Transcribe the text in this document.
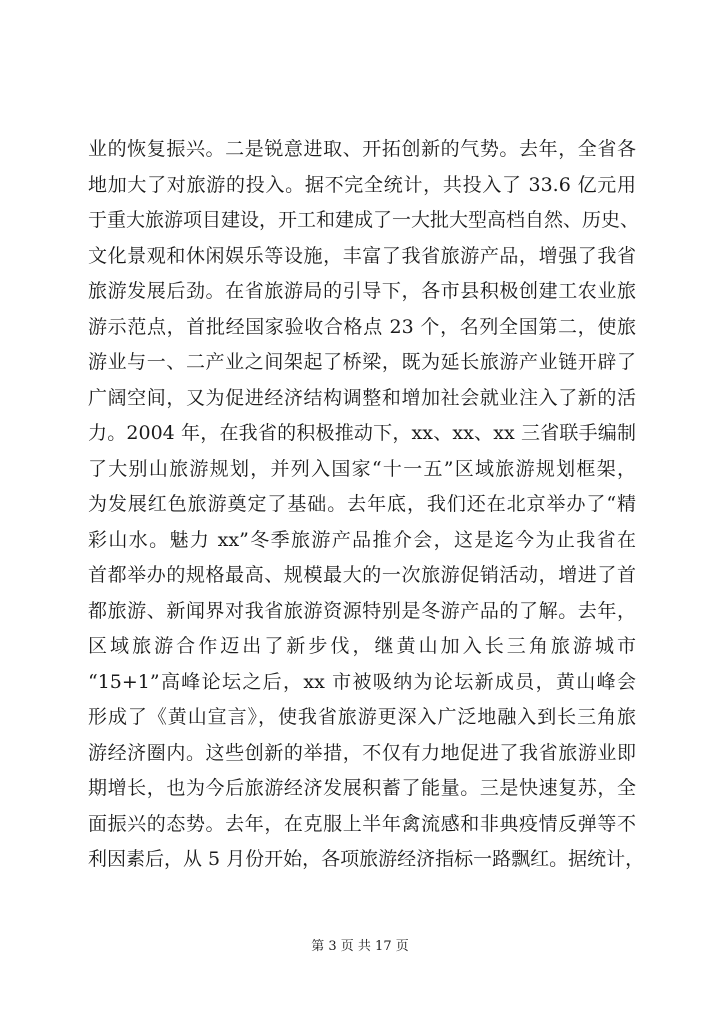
业的恢复振兴。二是锐意进取、开拓创新的气势。去年，全省各
地加大了对旅游的投入。据不完全统计，共投入了 33.6 亿元用
于重大旅游项目建设，开工和建成了一大批大型高档自然、历史、
文化景观和休闲娱乐等设施，丰富了我省旅游产品，增强了我省
旅游发展后劲。在省旅游局的引导下，各市县积极创建工农业旅
游示范点，首批经国家验收合格点 23 个，名列全国第二，使旅
游业与一、二产业之间架起了桥梁，既为延长旅游产业链开辟了
广阔空间，又为促进经济结构调整和增加社会就业注入了新的活
力。2004 年，在我省的积极推动下，xx、xx、xx 三省联手编制
了大别山旅游规划，并列入国家“十一五”区域旅游规划框架，
为发展红色旅游奠定了基础。去年底，我们还在北京举办了“精
彩山水。魅力 xx”冬季旅游产品推介会，这是迄今为止我省在
首都举办的规格最高、规模最大的一次旅游促销活动，增进了首
都旅游、新闻界对我省旅游资源特别是冬游产品的了解。去年，
区域旅游合作迈出了新步伐，继黄山加入长三角旅游城市
“15+1”高峰论坛之后，xx 市被吸纳为论坛新成员，黄山峰会
形成了《黄山宣言》，使我省旅游更深入广泛地融入到长三角旅
游经济圈内。这些创新的举措，不仅有力地促进了我省旅游业即
期增长，也为今后旅游经济发展积蓄了能量。三是快速复苏，全
面振兴的态势。去年，在克服上半年禽流感和非典疫情反弹等不
利因素后，从 5 月份开始，各项旅游经济指标一路飘红。据统计，
第 3 页 共 17 页
